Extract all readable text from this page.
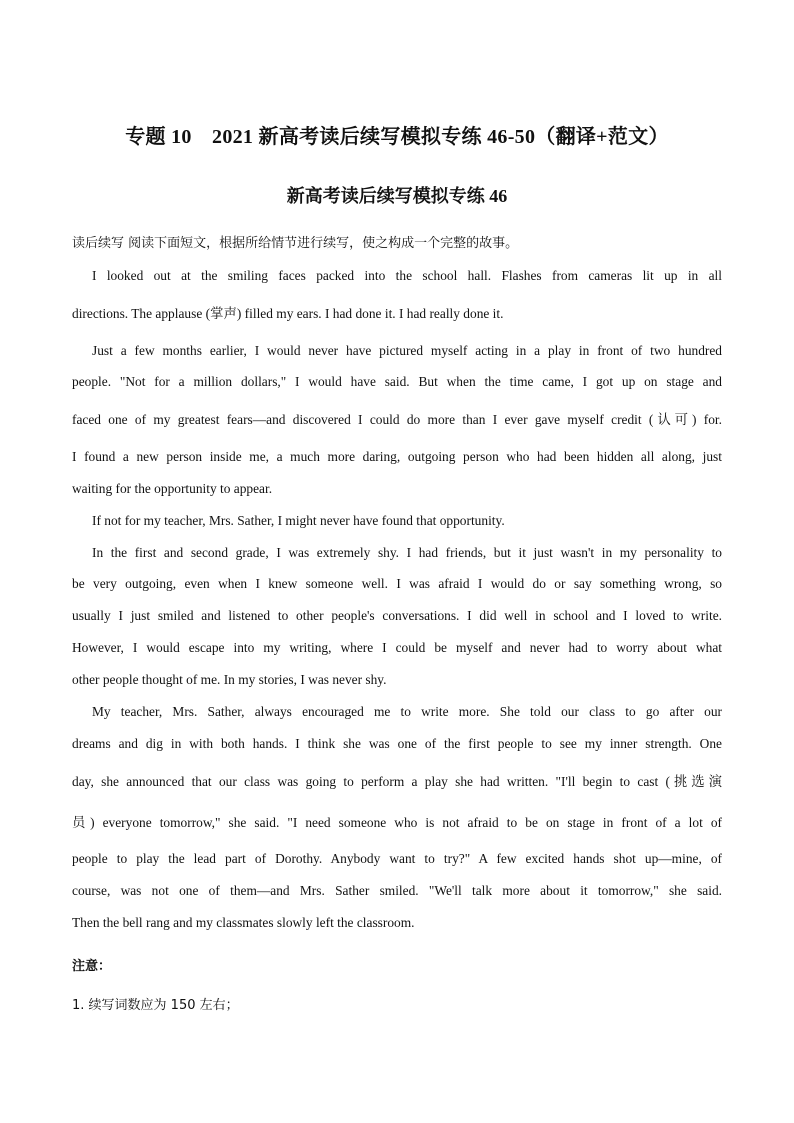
专题 10　2021 新高考读后续写模拟专练 46-50（翻译+范文）
新高考读后续写模拟专练 46
读后续写 阅读下面短文，根据所给情节进行续写，使之构成一个完整的故事。
I looked out at the smiling faces packed into the school hall. Flashes from cameras lit up in all
directions. The applause (掌声) filled my ears. I had done it. I had really done it.
Just a few months earlier, I would never have pictured myself acting in a play in front of two hundred
people. "Not for a million dollars," I would have said. But when the time came, I got up on stage and
faced one of my greatest fears—and discovered I could do more than I ever gave myself credit (认可) for.
I found a new person inside me, a much more daring, outgoing person who had been hidden all along, just
waiting for the opportunity to appear.
If not for my teacher, Mrs. Sather, I might never have found that opportunity.
In the first and second grade, I was extremely shy. I had friends, but it just wasn't in my personality to
be very outgoing, even when I knew someone well. I was afraid I would do or say something wrong, so
usually I just smiled and listened to other people's conversations. I did well in school and I loved to write.
However, I would escape into my writing, where I could be myself and never had to worry about what
other people thought of me. In my stories, I was never shy.
My teacher, Mrs. Sather, always encouraged me to write more. She told our class to go after our
dreams and dig in with both hands. I think she was one of the first people to see my inner strength. One
day, she announced that our class was going to perform a play she had written. "I'll begin to cast (挑选演
员) everyone tomorrow," she said. "I need someone who is not afraid to be on stage in front of a lot of
people to play the lead part of Dorothy. Anybody want to try?" A few excited hands shot up—mine, of
course, was not one of them—and Mrs. Sather smiled. "We'll talk more about it tomorrow," she said.
Then the bell rang and my classmates slowly left the classroom.
注意：
1. 续写词数应为 150 左右；
